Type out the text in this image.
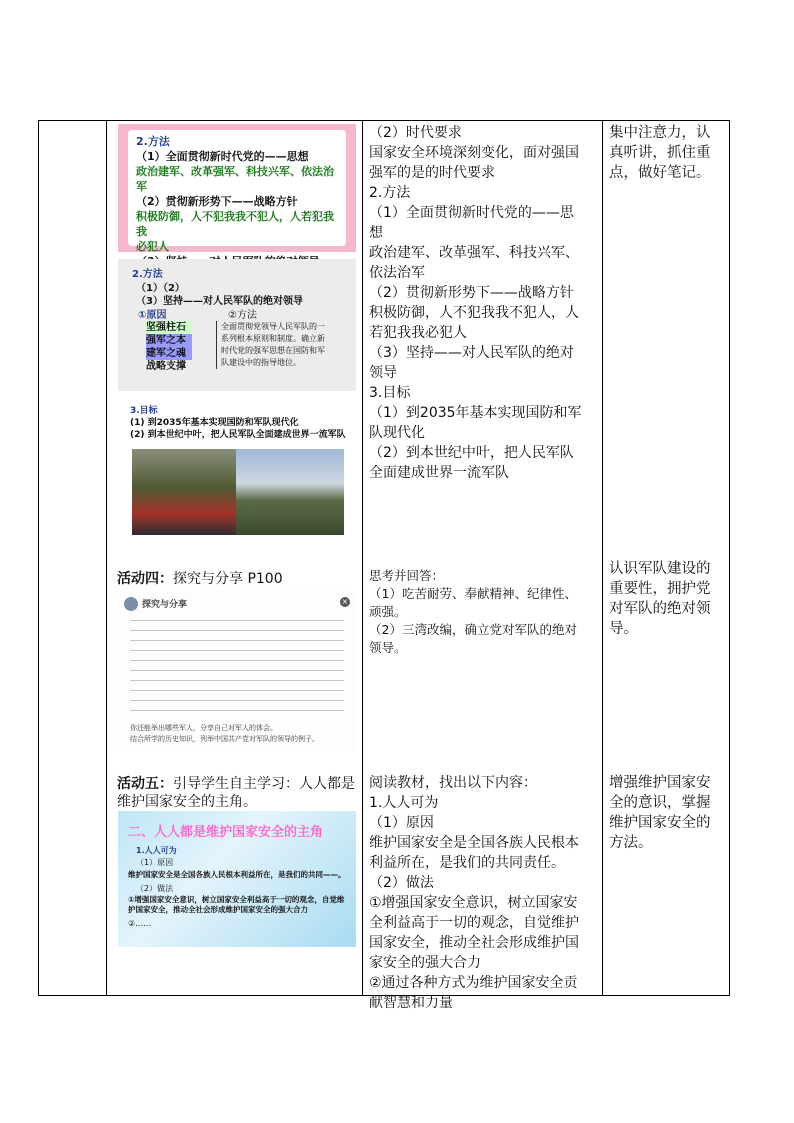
2.方法
（1）全面贯彻新时代党的——思想
政治建军、改革强军、科技兴军、依法治军
（2）贯彻新形势下——战略方针
积极防御，人不犯我我不犯人，人若犯我我
必犯人
2.方法
（1）（2）
（3）坚持——对人民军队的绝对领导
①原因	②方法
坚强柱石
强军之本
建军之魂
战略支撑
全面贯彻党领导人民军队的一系列根本原则和制度。确立新时代党的强军思想在国防和军队建设中的指导地位。
3.目标
(1) 到2035年基本实现国防和军队现代化
(2) 到本世纪中叶，把人民军队全面建成世界一流军队
活动四：探究与分享 P100
探究与分享	×
你还能举出哪些军人，分享自己对军人的体会。
结合所学的历史知识，列举中国共产党对军队的领导的例子。
活动五：引导学生自主学习：人人都是
维护国家安全的主角。
二、人人都是维护国家安全的主角
1.人人可为
（1）原因
维护国家安全是全国各族人民根本利益所在，是我们的共同——。
（2）做法
①增强国家安全意识，树立国家安全利益高于一切的观念，自觉维护国家安全，推动全社会形成维护国家安全的强大合力
②……
（2）时代要求
国家安全环境深刻变化，面对强国
强军的是的时代要求
2.方法
（1）全面贯彻新时代党的——思
想
政治建军、改革强军、科技兴军、
依法治军
（2）贯彻新形势下——战略方针
积极防御，人不犯我我不犯人，人
若犯我我必犯人
（3）坚持——对人民军队的绝对
领导
3.目标
（1）到2035年基本实现国防和军
队现代化
（2）到本世纪中叶，把人民军队
全面建成世界一流军队
思考并回答：
（1）吃苦耐劳、奉献精神、纪律性、
顽强。
（2）三湾改编，确立党对军队的绝对
领导。
阅读教材，找出以下内容：
1.人人可为
（1）原因
维护国家安全是全国各族人民根本
利益所在，是我们的共同责任。
（2）做法
①增强国家安全意识，树立国家安
全利益高于一切的观念，自觉维护
国家安全，推动全社会形成维护国
家安全的强大合力
②通过各种方式为维护国家安全贡
献智慧和力量
集中注意力，认
真听讲，抓住重
点，做好笔记。
认识军队建设的
重要性，拥护党
对军队的绝对领
导。
增强维护国家安
全的意识，掌握
维护国家安全的
方法。
